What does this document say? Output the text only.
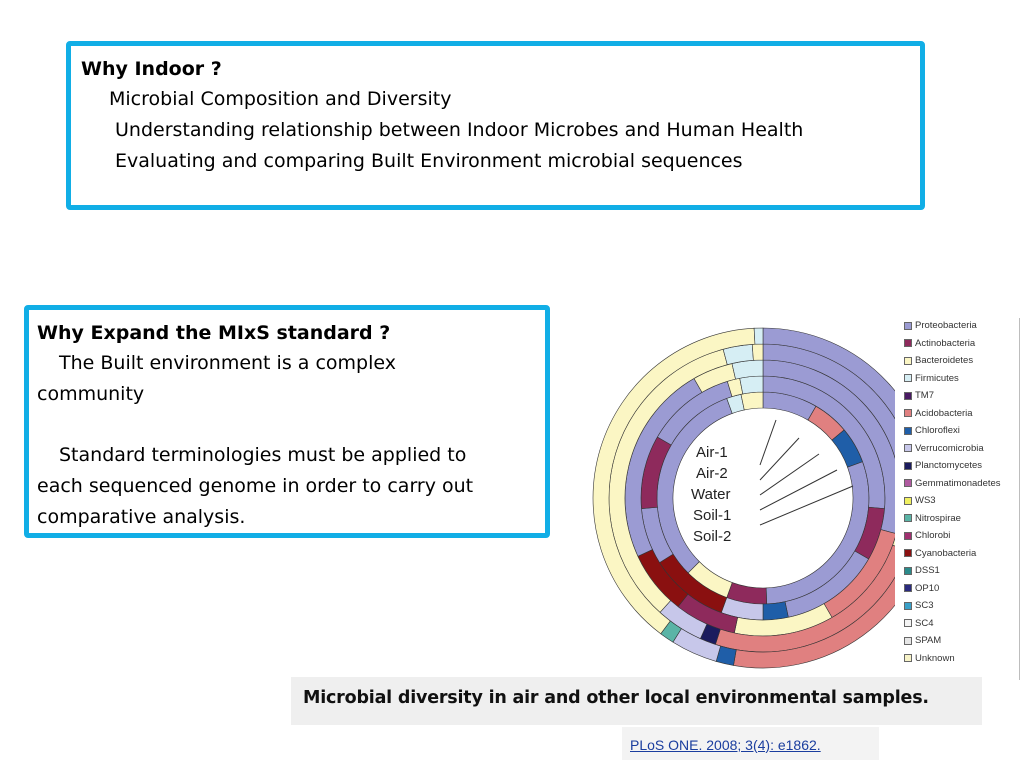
Why Indoor ?
Microbial Composition and Diversity
Understanding relationship between Indoor Microbes and Human Health
Evaluating and comparing Built Environment microbial sequences
Why Expand the MIxS standard ?
The Built environment is a complex
community
Standard terminologies must be applied to
each sequenced genome in order to carry out
comparative analysis.
Air-1
Air-2
Water
Soil-1
Soil-2
Proteobacteria
Actinobacteria
Bacteroidetes
Firmicutes
TM7
Acidobacteria
Chloroflexi
Verrucomicrobia
Planctomycetes
Gemmatimonadetes
WS3
Nitrospirae
Chlorobi
Cyanobacteria
DSS1
OP10
SC3
SC4
SPAM
Unknown
Microbial diversity in air and other local environmental samples.
PLoS ONE. 2008; 3(4): e1862.
